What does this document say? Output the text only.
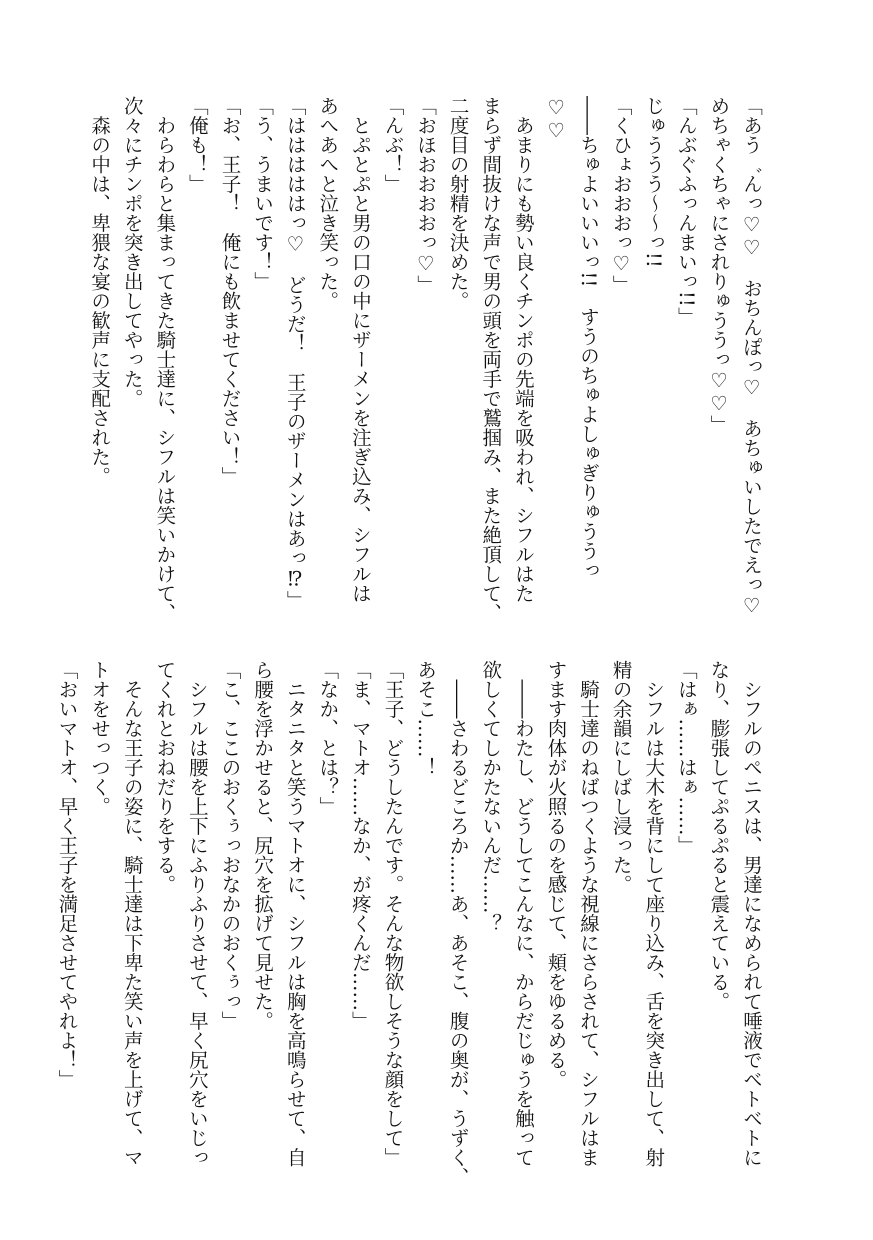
「あう゛んっ♡♡　おちんぽっ♡　あちゅいしたでえっ♡
めちゃくちゃにされりゅううっ♡♡」
「んぶぐふっんまいっ!!」
じゅううう～～っ!!
「くひょおおおっ♡」
――ちゅよいいいっ!!　すうのちゅよしゅぎりゅううっ
♡♡
　あまりにも勢い良くチンポの先端を吸われ、シフルはた
まらず間抜けな声で男の頭を両手で鷲掴み、また絶頂して、
二度目の射精を決めた。
「おほおおおおっ♡」
「んぶ！」
　とぷとぷと男の口の中にザーメンを注ぎ込み、シフルは
あへあへと泣き笑った。
「はははははっ♡　どうだ！　王子のザーメンはあっ⁉」
「う、うまいです！」
「お、王子！　俺にも飲ませてください！」
「俺も！」
　わらわらと集まってきた騎士達に、シフルは笑いかけて、
次々にチンポを突き出してやった。
　森の中は、卑猥な宴の歓声に支配された。
　シフルのペニスは、男達になめられて唾液でベトベトに
なり、膨張してぷるぷると震えている。
「はぁ……はぁ……」
　シフルは大木を背にして座り込み、舌を突き出して、射
精の余韻にしばし浸った。
　騎士達のねばつくような視線にさらされて、シフルはま
すます肉体が火照るのを感じて、頬をゆるめる。
　――わたし、どうしてこんなに、からだじゅうを触って
欲しくてしかたないんだ……？
　――さわるどころか……あ、あそこ、腹の奥が、うずく、
あそこ……！
「王子、どうしたんです。そんな物欲しそうな顔をして」
「ま、マトオ……なか、が疼くんだ……」
「なか、とは？」
　ニタニタと笑うマトオに、シフルは胸を高鳴らせて、自
ら腰を浮かせると、尻穴を拡げて見せた。
「こ、ここのおくぅっおなかのおくぅっ」
　シフルは腰を上下にふりふりさせて、早く尻穴をいじっ
てくれとおねだりをする。
　そんな王子の姿に、騎士達は下卑た笑い声を上げて、マ
トオをせっつく。
「おいマトオ、早く王子を満足させてやれよ！」
